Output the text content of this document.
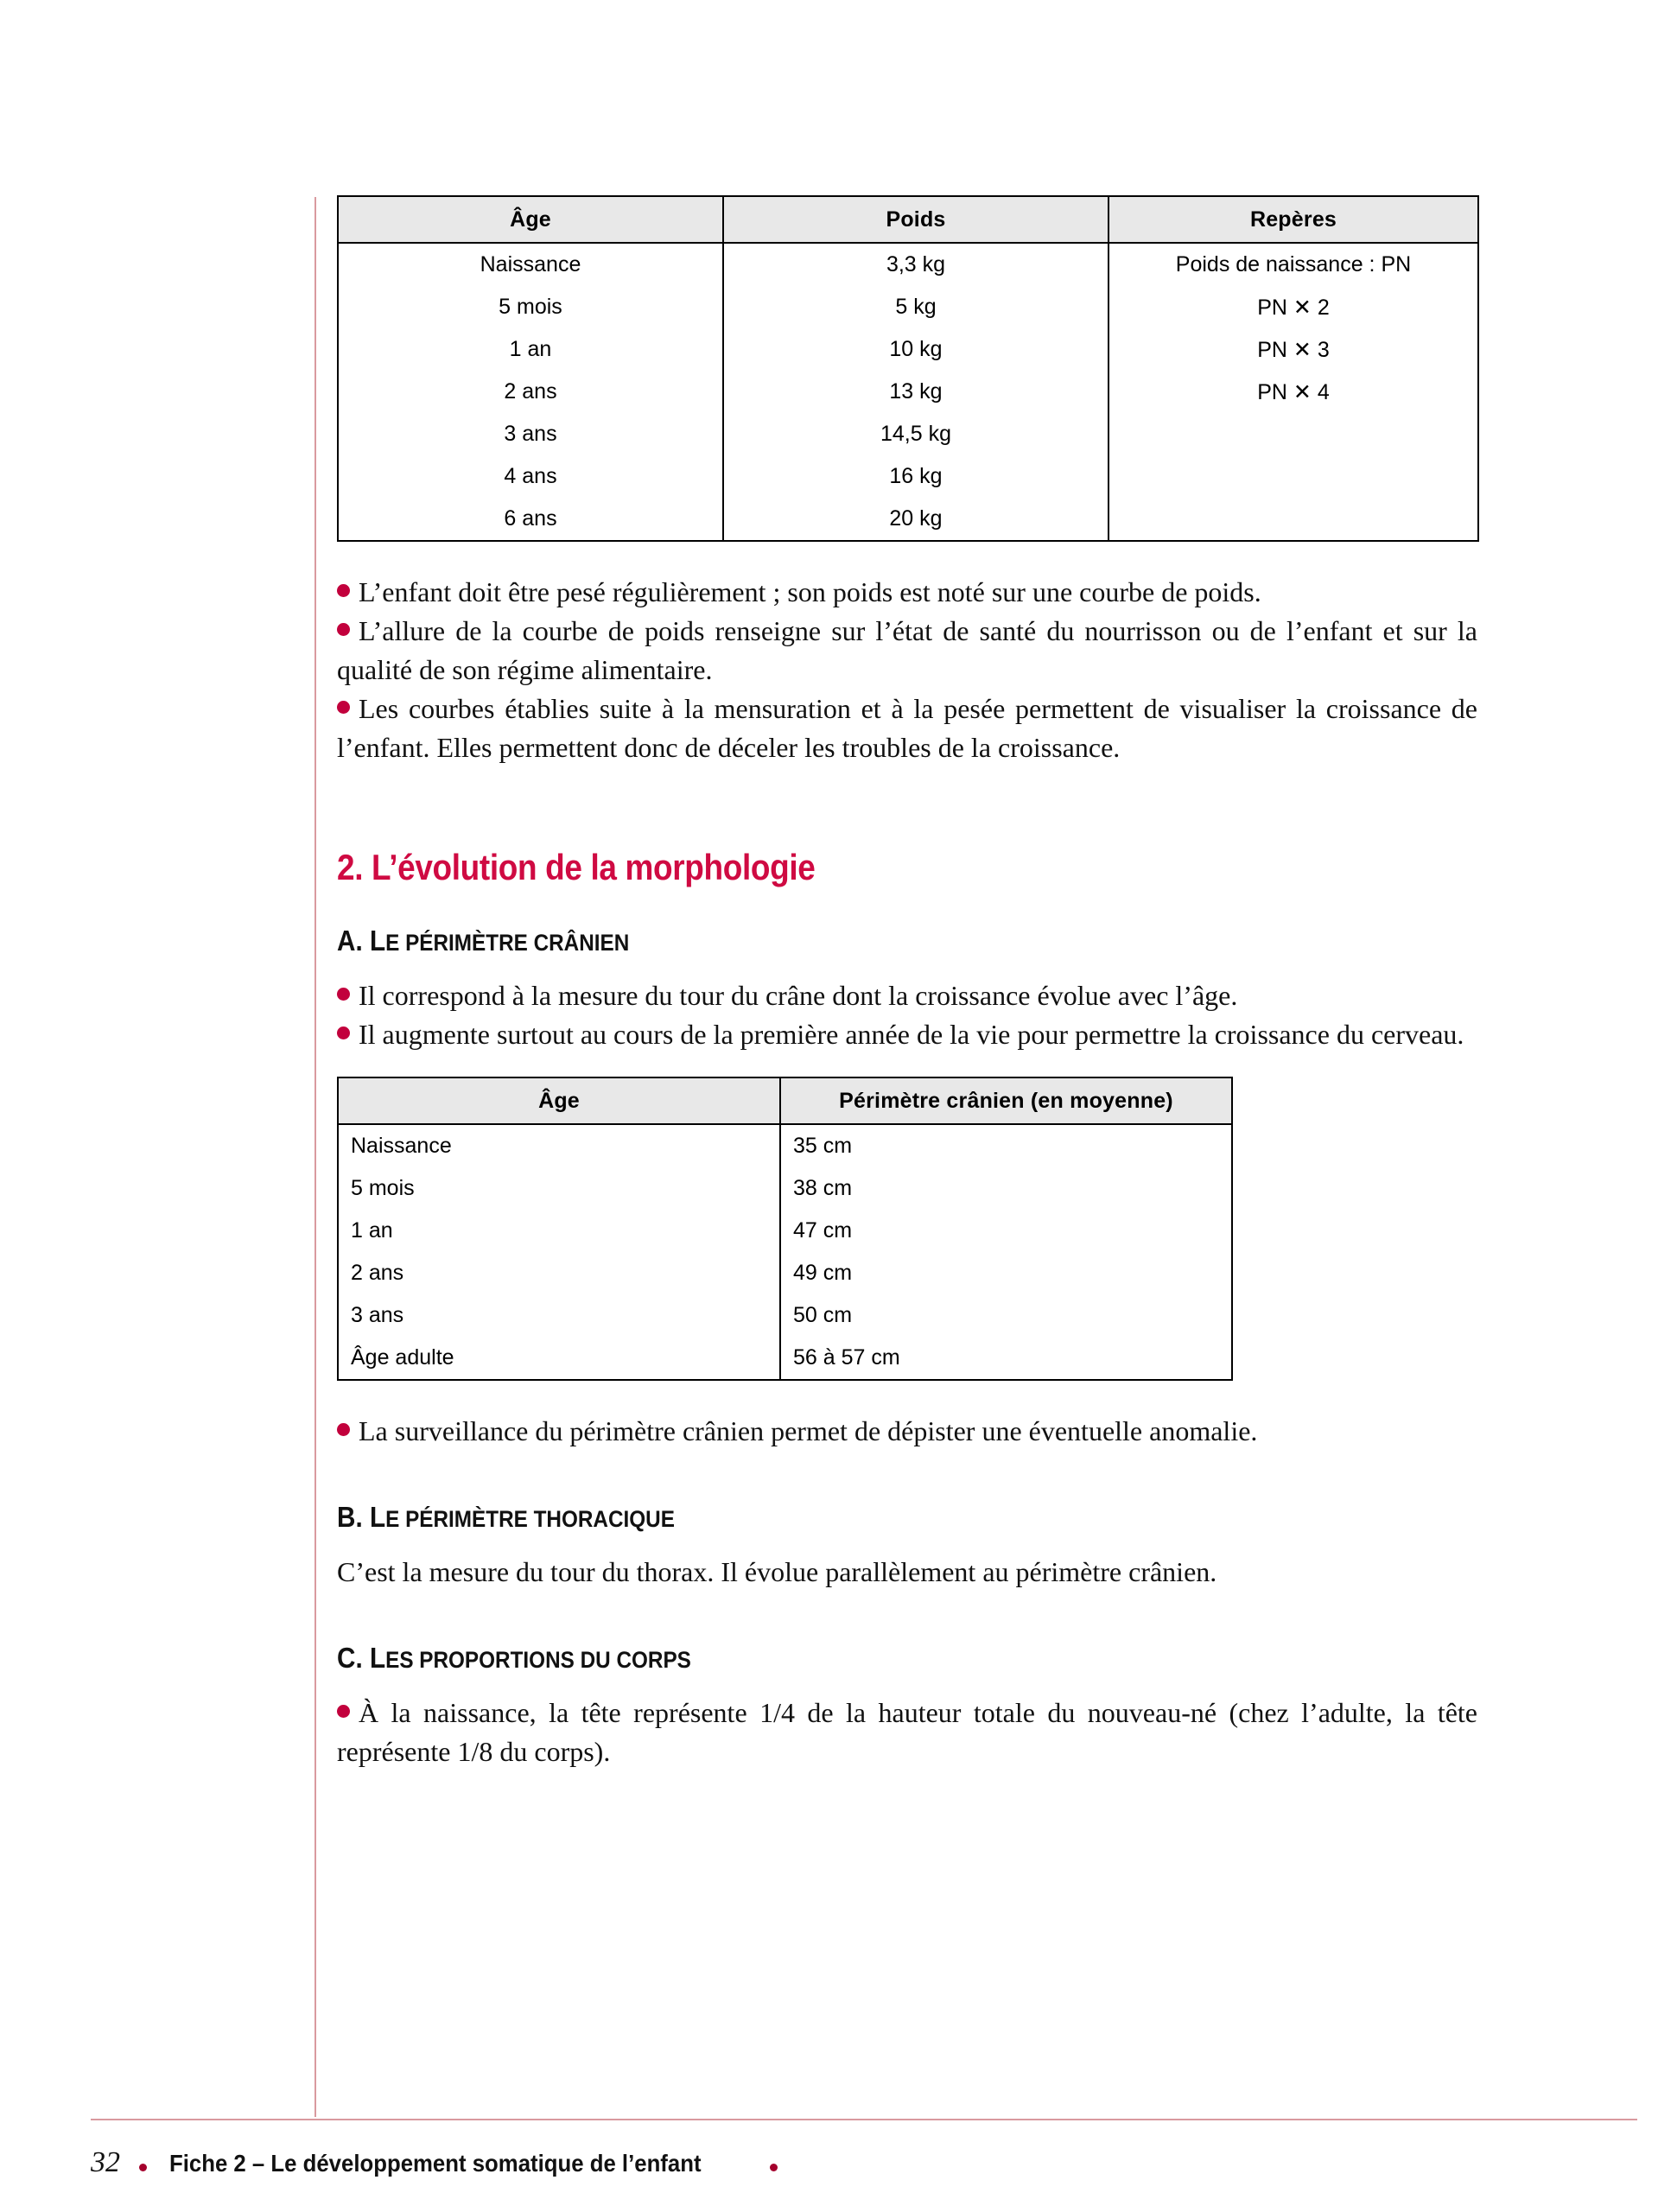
Âge	Poids	Repères
Naissance	3,3 kg	Poids de naissance : PN
5 mois	5 kg	PN ✕ 2
1 an	10 kg	PN ✕ 3
2 ans	13 kg	PN ✕ 4
3 ans	14,5 kg	
4 ans	16 kg	
6 ans	20 kg	

L’enfant doit être pesé régulièrement ; son poids est noté sur une courbe de poids.

L’allure de la courbe de poids renseigne sur l’état de santé du nourrisson ou de l’enfant et sur la qualité de son régime alimentaire.

Les courbes établies suite à la mensuration et à la pesée permettent de visualiser la croissance de l’enfant. Elles permettent donc de déceler les troubles de la croissance.

2. L’évolution de la morphologie
A. LE PÉRIMÈTRE CRÂNIEN

Il correspond à la mesure du tour du crâne dont la croissance évolue avec l’âge.

Il augmente surtout au cours de la première année de la vie pour permettre la croissance du cerveau.

Âge	Périmètre crânien (en moyenne)
Naissance	35 cm
5 mois	38 cm
1 an	47 cm
2 ans	49 cm
3 ans	50 cm
Âge adulte	56 à 57 cm

La surveillance du périmètre crânien permet de dépister une éventuelle anomalie.

B. LE PÉRIMÈTRE THORACIQUE

C’est la mesure du tour du thorax. Il évolue parallèlement au périmètre crânien.

C. LES PROPORTIONS DU CORPS

À la naissance, la tête représente 1/4 de la hauteur totale du nouveau-né (chez l’adulte, la tête représente 1/8 du corps).

32 Fiche 2 – Le développement somatique de l’enfant
